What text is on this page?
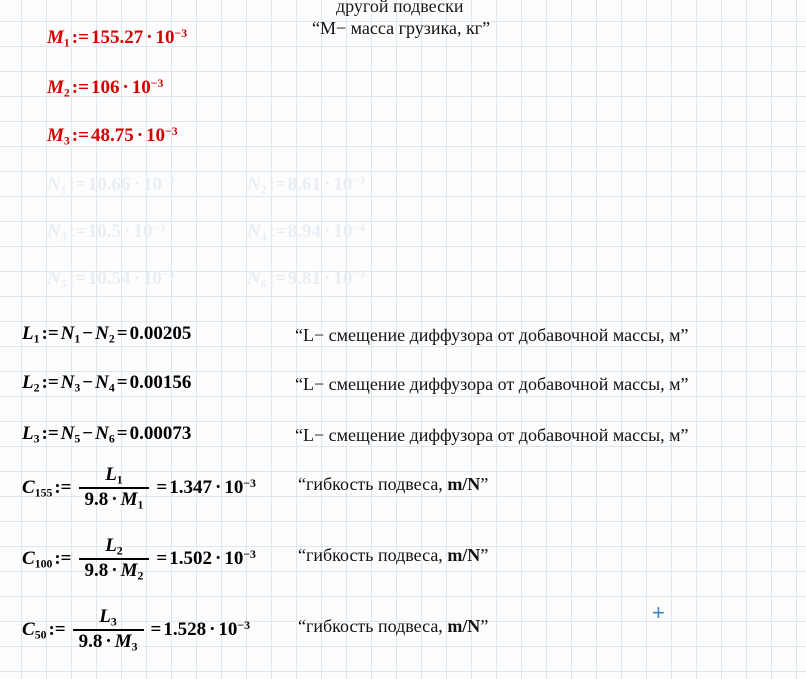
другой подвески
$M_1$ := $155.27 \cdot 10^{-3}$	“M− масса грузика, кг”
$M_2$ := $106 \cdot 10^{-3}$
$M_3$ := $48.75 \cdot 10^{-3}$
$N_1$ := $10.66 \cdot 10^{-3}$	$N_2$ := $8.61 \cdot 10^{-3}$
$N_3$ := $10.5 \cdot 10^{-3}$	$N_4$ := $8.94 \cdot 10^{-4}$
$N_5$ := $10.54 \cdot 10^{-3}$	$N_6$ := $9.81 \cdot 10^{-3}$
$L_1$ := $N_1 - N_2 = 0.00205$	“L− смещение диффузора от добавочной массы, м”
$L_2$ := $N_3 - N_4 = 0.00156$	“L− смещение диффузора от добавочной массы, м”
$L_3$ := $N_5 - N_6 = 0.00073$	“L− смещение диффузора от добавочной массы, м”
$C_{155}$ := $\frac{L_1}{9.8 \cdot M_1} = 1.347 \cdot 10^{-3}$ “гибкость подвеса, m/N”
$C_{100}$ := $\frac{L_2}{9.8 \cdot M_2} = 1.502 \cdot 10^{-3}$ “гибкость подвеса, m/N”
$C_{50}$ := $\frac{L_3}{9.8 \cdot M_3} = 1.528 \cdot 10^{-3}$	“гибкость подвеса, m/N”
+
